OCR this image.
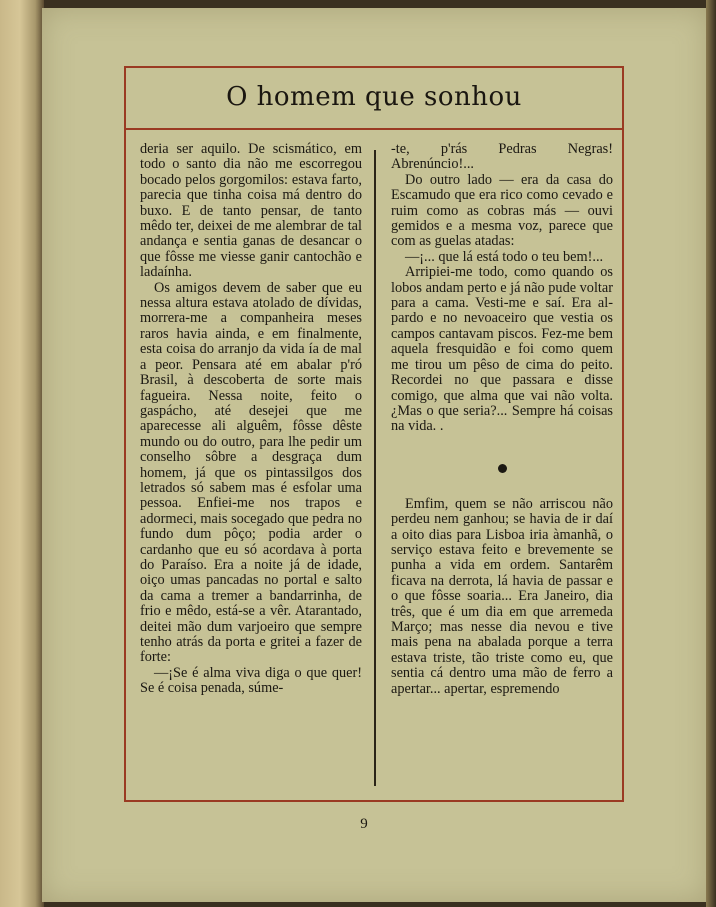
O homem que sonhou

deria ser aquilo. De scismático, em todo o santo dia não me escorregou bocado pelos gorgomilos: estava farto, parecia que tinha coisa má dentro do buxo. E de tanto pensar, de tanto mêdo ter, deixei de me alembrar de tal andança e sentia ganas de desancar o que fôsse me viesse ganir cantochão e ladaínha.

Os amigos devem de saber que eu nessa altura estava atolado de dívidas, morrera-me a companheira meses raros havia ainda, e em finalmente, esta coisa do arranjo da vida ía de mal a peor. Pensara até em abalar p'ró Brasil, à descoberta de sorte mais fagueira. Nessa noite, feito o gaspácho, até desejei que me aparecesse ali alguêm, fôsse dêste mundo ou do outro, para lhe pedir um conselho sôbre a desgraça dum homem, já que os pintassilgos dos letrados só sabem mas é esfolar uma pessoa. Enfiei-me nos trapos e adormeci, mais socegado que pedra no fundo dum pôço; podia arder o cardanho que eu só acordava à porta do Paraíso. Era a noite já de idade, oiço umas pancadas no portal e salto da cama a tremer a bandarrinha, de frio e mêdo, está-se a vêr. Atarantado, deitei mão dum varjoeiro que sempre tenho atrás da porta e gritei a fazer de forte:

—¡Se é alma viva diga o que quer! Se é coisa penada, súme-

-te, p'rás Pedras Negras! Abrenúncio!...

Do outro lado — era da casa do Escamudo que era rico como cevado e ruim como as cobras más — ouvi gemidos e a mesma voz, parece que com as guelas atadas:

—¡... que lá está todo o teu bem!...

Arripiei-me todo, como quando os lobos andam perto e já não pude voltar para a cama. Vesti-me e saí. Era al-pardo e no nevoaceiro que vestia os campos cantavam piscos. Fez-me bem aquela fresquidão e foi como quem me tirou um pêso de cima do peito. Recordei no que passara e disse comigo, que alma que vai não volta. ¿Mas o que seria?... Sempre há coisas na vida. .

Emfim, quem se não arriscou não perdeu nem ganhou; se havia de ir daí a oito dias para Lisboa iria àmanhã, o serviço estava feito e brevemente se punha a vida em ordem. Santarêm ficava na derrota, lá havia de passar e o que fôsse soaria... Era Janeiro, dia três, que é um dia em que arremeda Março; mas nesse dia nevou e tive mais pena na abalada porque a terra estava triste, tão triste como eu, que sentia cá dentro uma mão de ferro a apertar... apertar, espremendo

9
